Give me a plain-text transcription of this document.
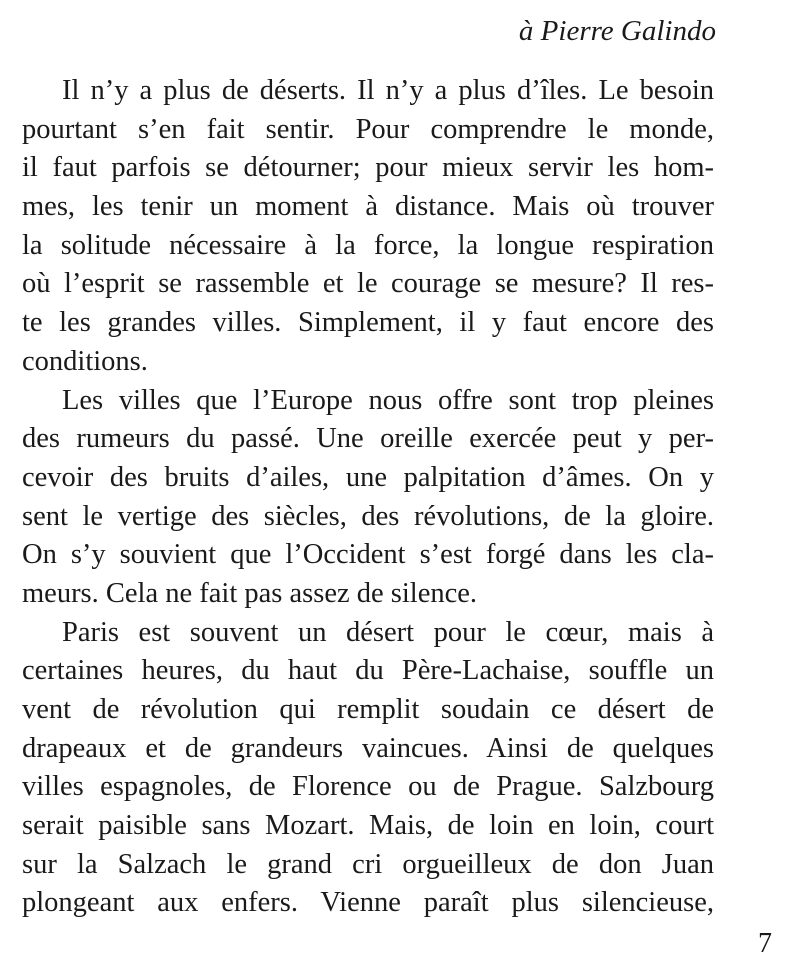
à Pierre Galindo
Il n’y a plus de déserts. Il n’y a plus d’îles. Le besoin
pourtant s’en fait sentir. Pour comprendre le monde,
il faut parfois se détourner; pour mieux servir les hom-
mes, les tenir un moment à distance. Mais où trouver
la solitude nécessaire à la force, la longue respiration
où l’esprit se rassemble et le courage se mesure? Il res-
te les grandes villes. Simplement, il y faut encore des
conditions.
Les villes que l’Europe nous offre sont trop pleines
des rumeurs du passé. Une oreille exercée peut y per-
cevoir des bruits d’ailes, une palpitation d’âmes. On y
sent le vertige des siècles, des révolutions, de la gloire.
On s’y souvient que l’Occident s’est forgé dans les cla-
meurs. Cela ne fait pas assez de silence.
Paris est souvent un désert pour le cœur, mais à
certaines heures, du haut du Père-Lachaise, souffle un
vent de révolution qui remplit soudain ce désert de
drapeaux et de grandeurs vaincues. Ainsi de quelques
villes espagnoles, de Florence ou de Prague. Salzbourg
serait paisible sans Mozart. Mais, de loin en loin, court
sur la Salzach le grand cri orgueilleux de don Juan
plongeant aux enfers. Vienne paraît plus silencieuse,
7
